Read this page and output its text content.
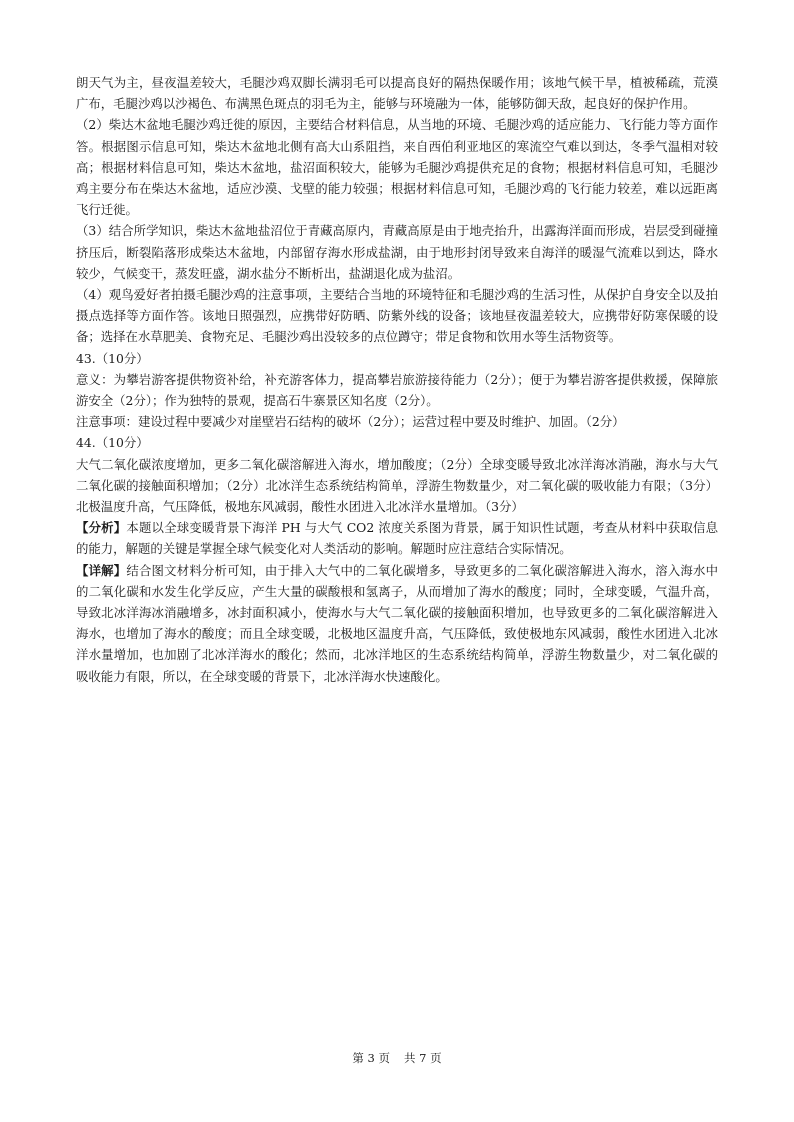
朗天气为主，昼夜温差较大，毛腿沙鸡双脚长满羽毛可以提高良好的隔热保暖作用；该地气候干旱，植被稀疏，荒漠广布，毛腿沙鸡以沙褐色、布满黑色斑点的羽毛为主，能够与环境融为一体，能够防御天敌，起良好的保护作用。

（2）柴达木盆地毛腿沙鸡迁徙的原因，主要结合材料信息，从当地的环境、毛腿沙鸡的适应能力、飞行能力等方面作答。根据图示信息可知，柴达木盆地北侧有高大山系阻挡，来自西伯利亚地区的寒流空气难以到达，冬季气温相对较高；根据材料信息可知，柴达木盆地，盐沼面积较大，能够为毛腿沙鸡提供充足的食物；根据材料信息可知，毛腿沙鸡主要分布在柴达木盆地，适应沙漠、戈壁的能力较强；根据材料信息可知，毛腿沙鸡的飞行能力较差，难以远距离飞行迁徙。

（3）结合所学知识，柴达木盆地盐沼位于青藏高原内，青藏高原是由于地壳抬升，出露海洋面而形成，岩层受到碰撞挤压后，断裂陷落形成柴达木盆地，内部留存海水形成盐湖，由于地形封闭导致来自海洋的暖湿气流难以到达，降水较少，气候变干，蒸发旺盛，湖水盐分不断析出，盐湖退化成为盐沼。

（4）观鸟爱好者拍摄毛腿沙鸡的注意事项，主要结合当地的环境特征和毛腿沙鸡的生活习性，从保护自身安全以及拍摄点选择等方面作答。该地日照强烈，应携带好防晒、防紫外线的设备；该地昼夜温差较大，应携带好防寒保暖的设备；选择在水草肥美、食物充足、毛腿沙鸡出没较多的点位蹲守；带足食物和饮用水等生活物资等。

43.（10分）

意义：为攀岩游客提供物资补给，补充游客体力，提高攀岩旅游接待能力（2分）；便于为攀岩游客提供救援，保障旅游安全（2分）；作为独特的景观，提高石牛寨景区知名度（2分）。

注意事项：建设过程中要减少对崖壁岩石结构的破坏（2分）；运营过程中要及时维护、加固。（2分）

44.（10分）

大气二氧化碳浓度增加，更多二氧化碳溶解进入海水，增加酸度；（2分）全球变暖导致北冰洋海冰消融，海水与大气二氧化碳的接触面积增加；（2分）北冰洋生态系统结构简单，浮游生物数量少，对二氧化碳的吸收能力有限；（3分）北极温度升高，气压降低，极地东风减弱，酸性水团进入北冰洋水量增加。（3分）

【分析】本题以全球变暖背景下海洋 PH 与大气 CO2 浓度关系图为背景，属于知识性试题，考查从材料中获取信息的能力，解题的关键是掌握全球气候变化对人类活动的影响。解题时应注意结合实际情况。

【详解】结合图文材料分析可知，由于排入大气中的二氧化碳增多，导致更多的二氧化碳溶解进入海水，溶入海水中的二氧化碳和水发生化学反应，产生大量的碳酸根和氢离子，从而增加了海水的酸度；同时，全球变暖，气温升高，导致北冰洋海冰消融增多，冰封面积减小，使海水与大气二氧化碳的接触面积增加，也导致更多的二氧化碳溶解进入海水，也增加了海水的酸度；而且全球变暖，北极地区温度升高，气压降低，致使极地东风减弱，酸性水团进入北冰洋水量增加，也加剧了北冰洋海水的酸化；然而，北冰洋地区的生态系统结构简单，浮游生物数量少，对二氧化碳的吸收能力有限，所以，在全球变暖的背景下，北冰洋海水快速酸化。

第 3 页 共 7 页
